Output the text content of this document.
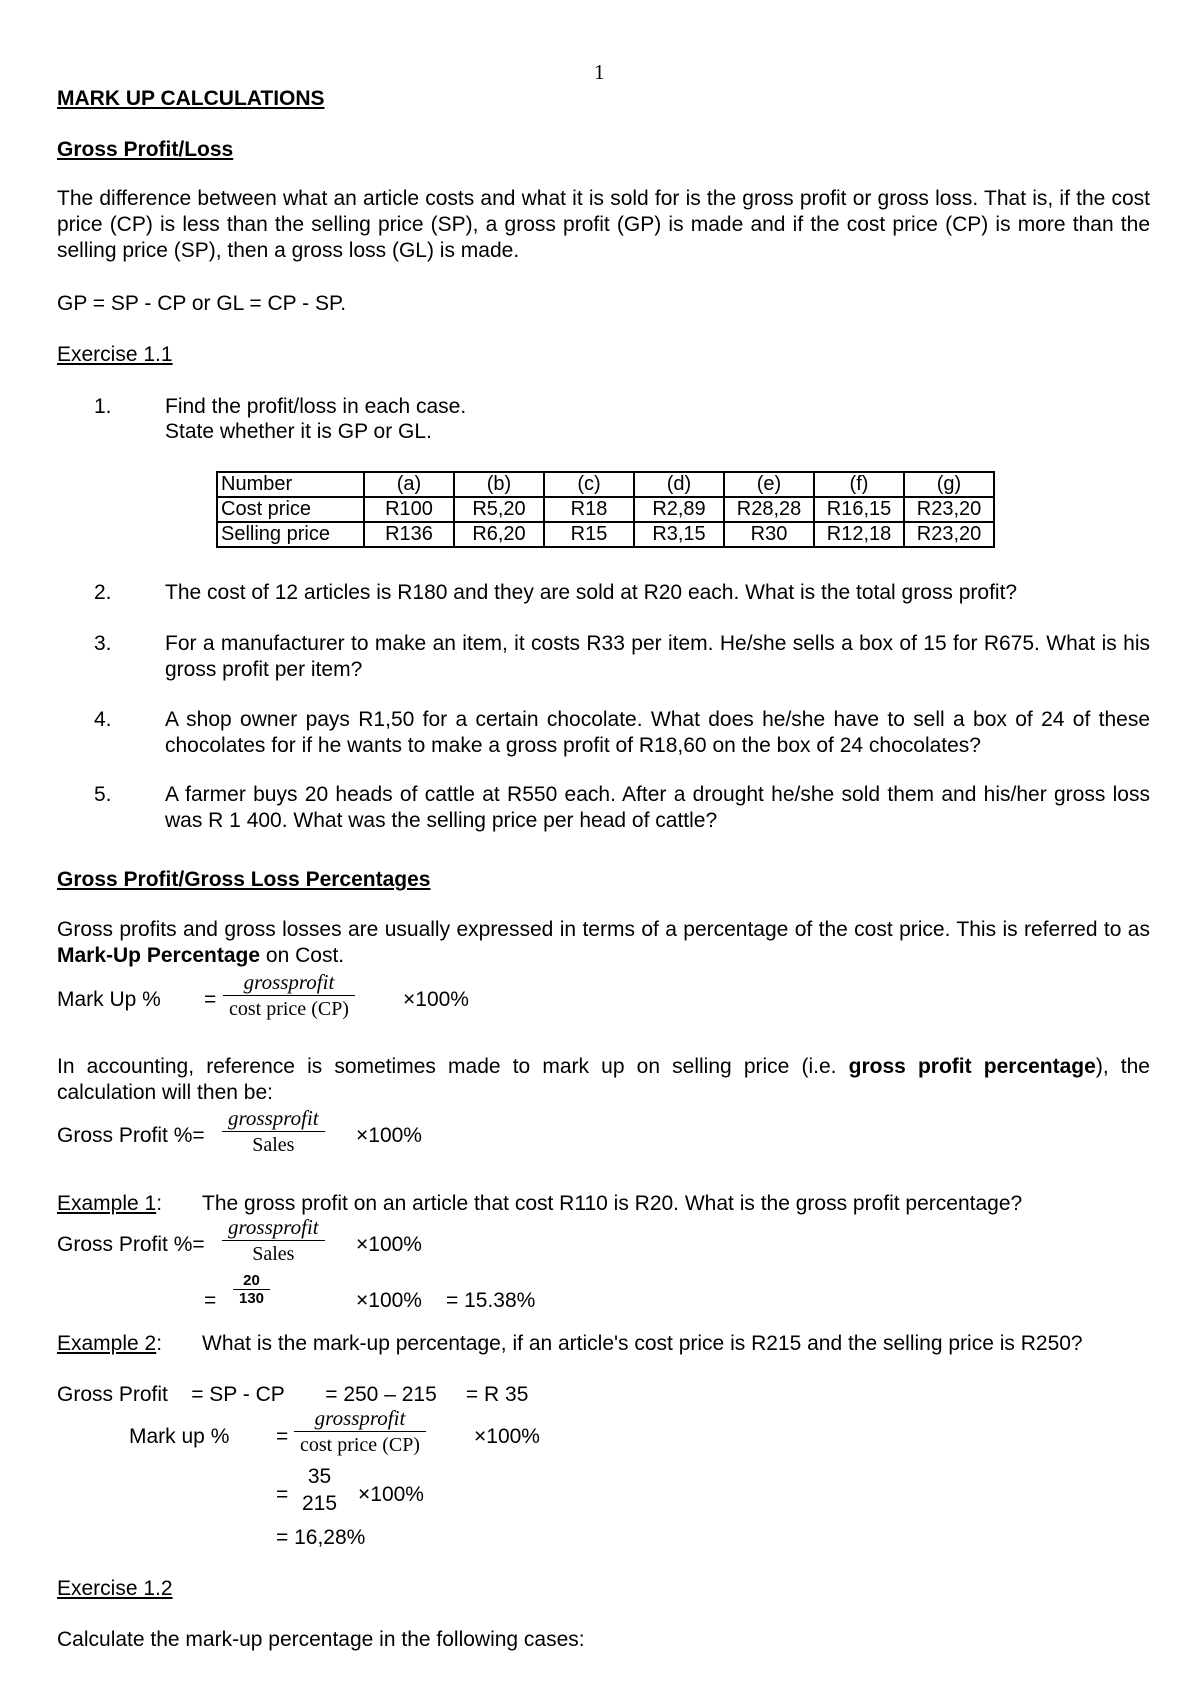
1
MARK UP CALCULATIONS
Gross Profit/Loss
The difference between what an article costs and what it is sold for is the gross profit or gross loss. That is, if the cost price (CP) is less than the selling price (SP), a gross profit (GP) is made and if the cost price (CP) is more than the selling price (SP), then a gross loss (GL) is made.
GP = SP - CP or GL = CP - SP.
Exercise 1.1
1.	Find the profit/loss in each case.
State whether it is GP or GL.
Number	(a)	(b)	(c)	(d)	(e)	(f)	(g)
Cost price	R100	R5,20	R18	R2,89	R28,28	R16,15	R23,20
Selling price	R136	R6,20	R15	R3,15	R30	R12,18	R23,20
2.	The cost of 12 articles is R180 and they are sold at R20 each. What is the total gross profit?
3.	For a manufacturer to make an item, it costs R33 per item. He/she sells a box of 15 for R675. What is his gross profit per item?
4.	A shop owner pays R1,50 for a certain chocolate. What does he/she have to sell a box of 24 of these chocolates for if he wants to make a gross profit of R18,60 on the box of 24 chocolates?
5.	A farmer buys 20 heads of cattle at R550 each. After a drought he/she sold them and his/her gross loss was R 1 400. What was the selling price per head of cattle?
Gross Profit/Gross Loss Percentages
Gross profits and gross losses are usually expressed in terms of a percentage of the cost price. This is referred to as Mark-Up Percentage on Cost.
Mark Up % =
grossprofit
cost price (CP)	×100%
In accounting, reference is sometimes made to mark up on selling price (i.e. gross profit percentage), the calculation will then be:
Gross Profit %=
grossprofit
Sales	×100%
Example 1: The gross profit on an article that cost R110 is R20. What is the gross profit percentage?
Gross Profit %=
grossprofit
Sales	×100%
=
20
130	×100% = 15.38%
Example 2: What is the mark-up percentage, if an article's cost price is R215 and the selling price is R250?
Gross Profit    = SP - CP       = 250 – 215     = R 35
Mark up % =
grossprofit
cost price (CP)	×100%
=
35
215 ×100%
= 16,28%
Exercise 1.2
Calculate the mark-up percentage in the following cases:
